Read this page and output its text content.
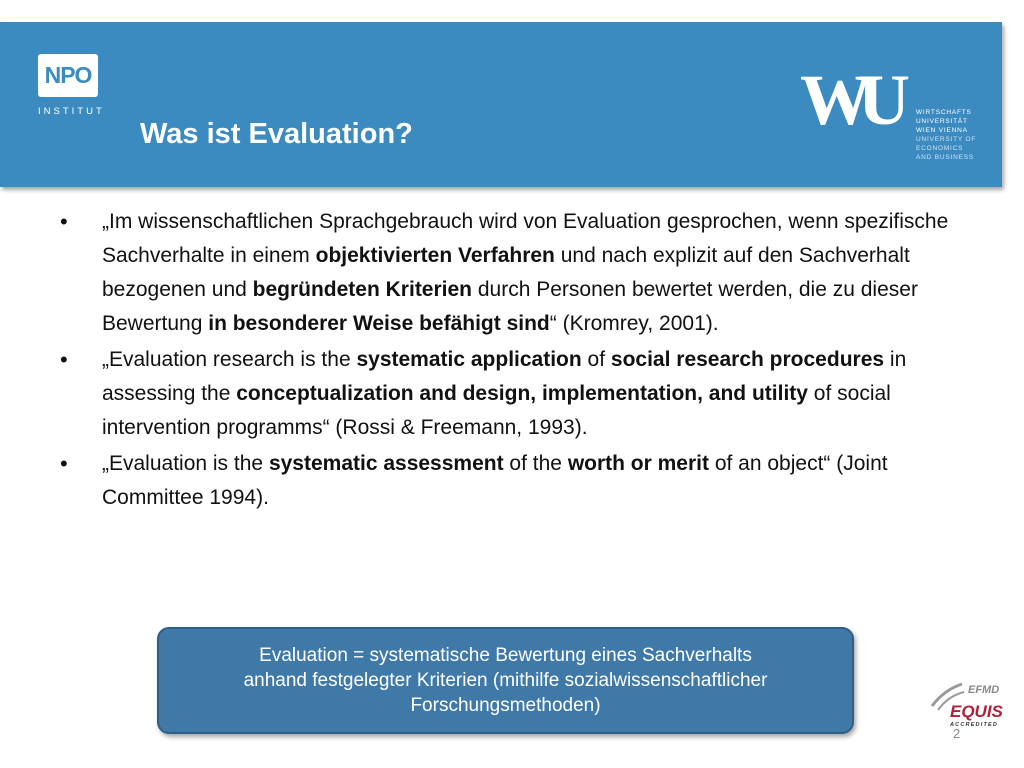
NPO
INSTITUT
Was ist Evaluation?	WU	WIRTSCHAFTS
UNIVERSITÄT
WIEN VIENNA
UNIVERSITY OF
ECONOMICS
AND BUSINESS
• „Im wissenschaftlichen Sprachgebrauch wird von Evaluation gesprochen, wenn spezifische Sachverhalte in einem objektivierten Verfahren und nach explizit auf den Sachverhalt bezogenen und begründeten Kriterien durch Personen bewertet werden, die zu dieser Bewertung in besonderer Weise befähigt sind“ (Kromrey, 2001).
• „Evaluation research is the systematic application of social research procedures in assessing the conceptualization and design, implementation, and utility of social intervention programms“ (Rossi & Freemann, 1993).
• „Evaluation is the systematic assessment of the worth or merit of an object“ (Joint Committee 1994).
Evaluation = systematische Bewertung eines Sachverhalts
anhand festgelegter Kriterien (mithilfe sozialwissenschaftlicher
Forschungsmethoden)
EFMD
EQUIS
ACCREDITED
2
